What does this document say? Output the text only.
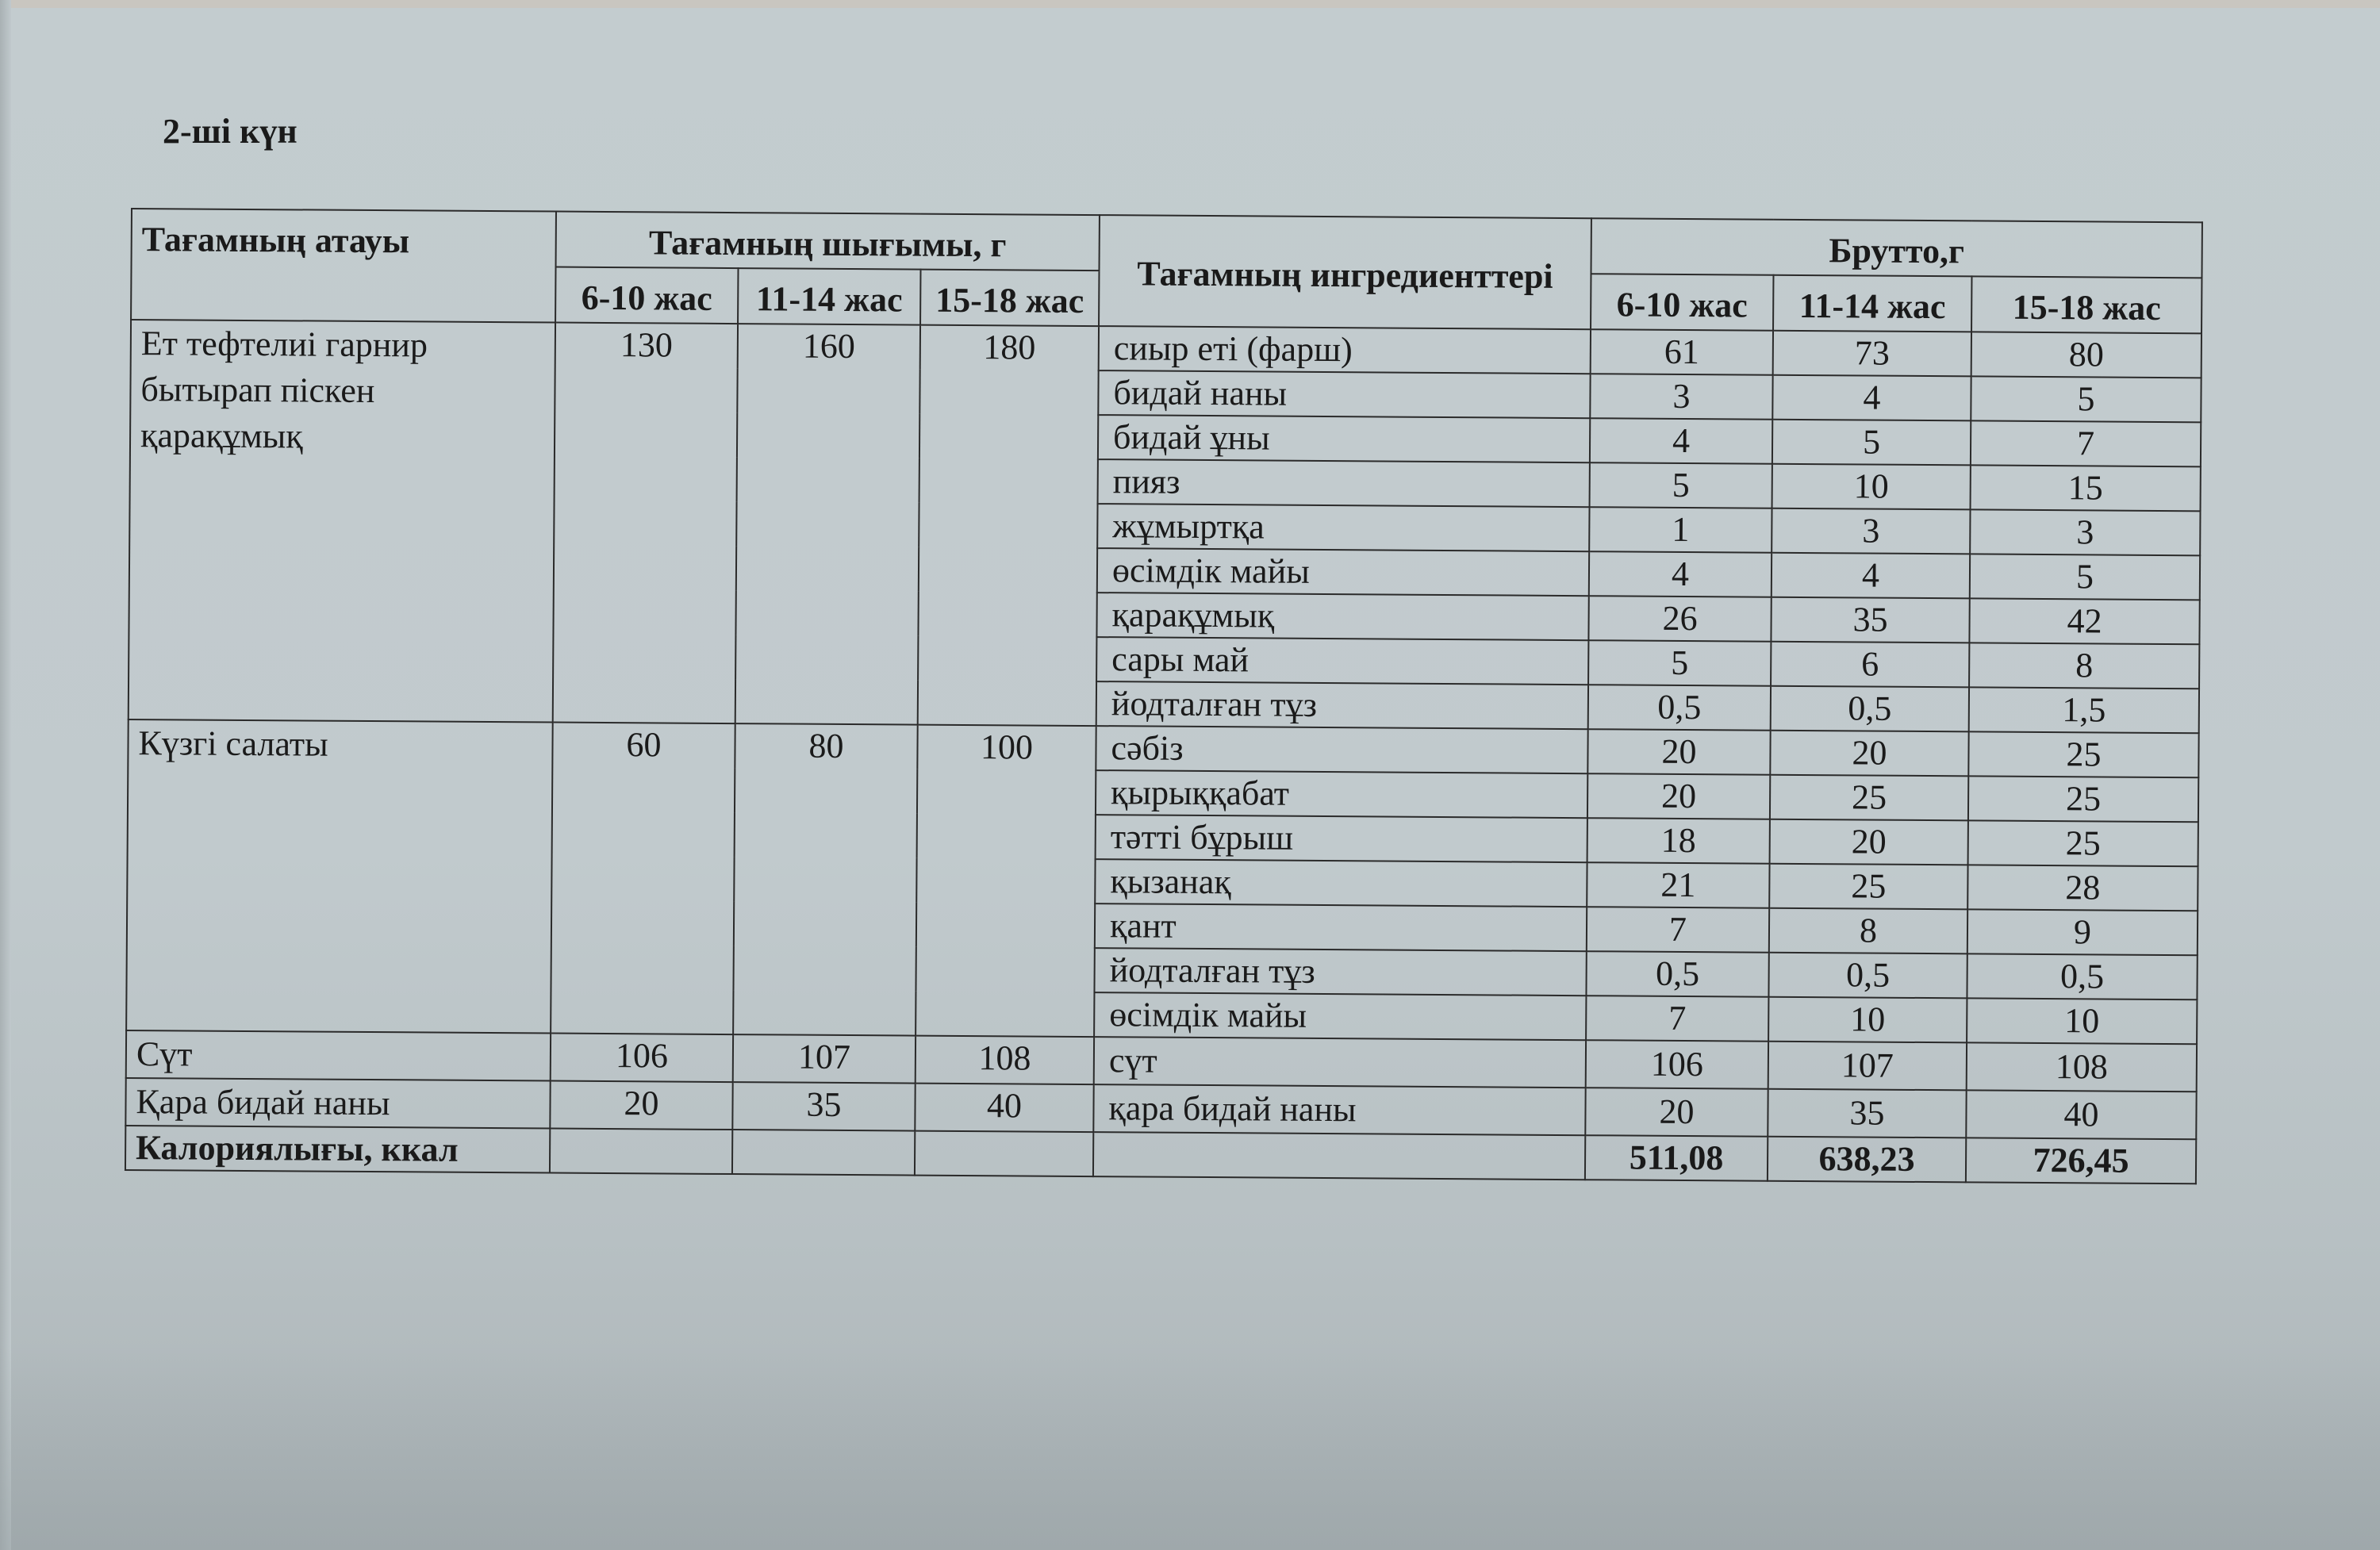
2-ші күн
Тағамның атауы	Тағамның шығымы, г			Тағамның ингредиенттері	Брутто,г		
	6-10 жас	11-14 жас	15-18 жас		6-10 жас	11-14 жас	15-18 жас
Ет тефтелиі гарнир бытырап піскен қарақұмық	130	160	180	сиыр еті (фарш)	61	73	80
				бидай наны	3	4	5
				бидай ұны	4	5	7
				пияз	5	10	15
				жұмыртқа	1	3	3
				өсімдік майы	4	4	5
				қарақұмық	26	35	42
				сары май	5	6	8
				йодталған тұз	0,5	0,5	1,5
Күзгі салаты	60	80	100	сәбіз	20	20	25
				қырыққабат	20	25	25
				тәтті бұрыш	18	20	25
				қызанақ	21	25	28
				қант	7	8	9
				йодталған тұз	0,5	0,5	0,5
				өсімдік майы	7	10	10
Сүт	106	107	108	сүт	106	107	108
Қара бидай наны	20	35	40	қара бидай наны	20	35	40
Калориялығы, ккал					511,08	638,23	726,45
